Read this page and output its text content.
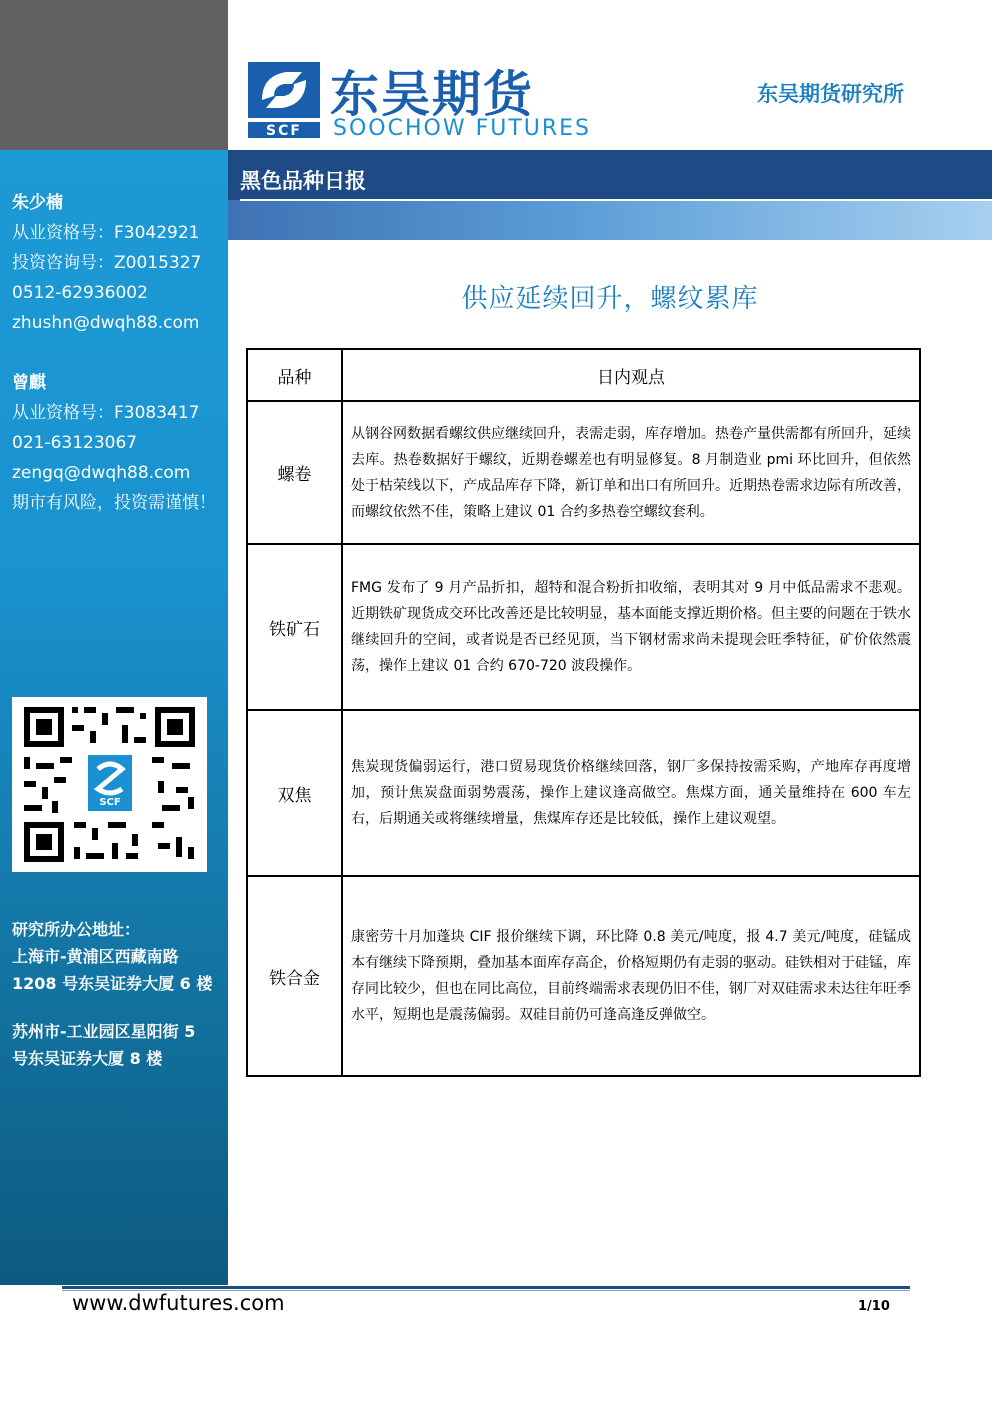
朱少楠
从业资格号：F3042921
投资咨询号：Z0015327
0512-62936002
zhushn@dwqh88.com
曾麒
从业资格号：F3083417
021-63123067
zengq@dwqh88.com
期市有风险，投资需谨慎！
SCF
研究所办公地址：
上海市-黄浦区西藏南路
1208 号东吴证券大厦 6 楼
苏州市-工业园区星阳街 5
号东吴证券大厦 8 楼
SCF
东吴期货
SOOCHOW FUTURES
东吴期货研究所
黑色品种日报
供应延续回升，螺纹累库
品种	日内观点
螺卷	从钢谷网数据看螺纹供应继续回升，表需走弱，库存增加。热卷产量供需都有所回升，延续去库。热卷数据好于螺纹，近期卷螺差也有明显修复。8 月制造业 pmi 环比回升，但依然处于枯荣线以下，产成品库存下降，新订单和出口有所回升。近期热卷需求边际有所改善，而螺纹依然不佳，策略上建议 01 合约多热卷空螺纹套利。
铁矿石	FMG 发布了 9 月产品折扣，超特和混合粉折扣收缩，表明其对 9 月中低品需求不悲观。近期铁矿现货成交环比改善还是比较明显，基本面能支撑近期价格。但主要的问题在于铁水继续回升的空间，或者说是否已经见顶，当下钢材需求尚未提现会旺季特征，矿价依然震荡，操作上建议 01 合约 670-720 波段操作。
双焦	焦炭现货偏弱运行，港口贸易现货价格继续回落，钢厂多保持按需采购，产地库存再度增加，预计焦炭盘面弱势震荡，操作上建议逢高做空。焦煤方面，通关量维持在 600 车左右，后期通关或将继续增量，焦煤库存还是比较低，操作上建议观望。
铁合金	康密劳十月加蓬块 CIF 报价继续下调，环比降 0.8 美元/吨度，报 4.7 美元/吨度，硅锰成本有继续下降预期，叠加基本面库存高企，价格短期仍有走弱的驱动。硅铁相对于硅锰，库存同比较少，但也在同比高位，目前终端需求表现仍旧不佳，钢厂对双硅需求未达往年旺季水平，短期也是震荡偏弱。双硅目前仍可逢高逢反弹做空。
www.dwfutures.com	1/10
